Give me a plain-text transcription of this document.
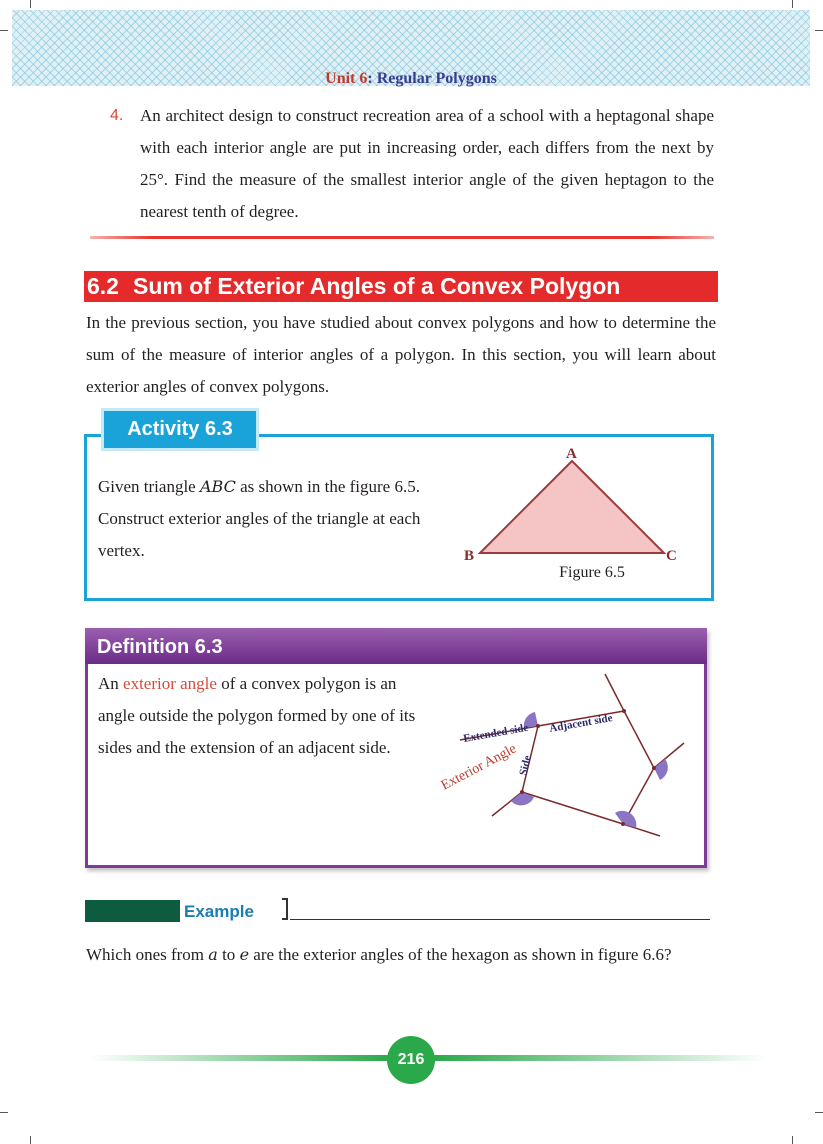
Unit 6: Regular Polygons
4. An architect design to construct recreation area of a school with a heptagonal shape with each interior angle are put in increasing order, each differs from the next by 25°. Find the measure of the smallest interior angle of the given heptagon to the nearest tenth of degree.
6.2 Sum of Exterior Angles of a Convex Polygon
In the previous section, you have studied about convex polygons and how to determine the sum of the measure of interior angles of a polygon. In this section, you will learn about exterior angles of convex polygons.
Activity 6.3
Given triangle ABC as shown in the figure 6.5. Construct exterior angles of the triangle at each vertex.
A
B	C
Figure 6.5
Definition 6.3
An exterior angle of a convex polygon is an angle outside the polygon formed by one of its sides and the extension of an adjacent side.
Extended side Adjacent side
Exterior Angle
Side
Example
Which ones from a to e are the exterior angles of the hexagon as shown in figure 6.6?
216
